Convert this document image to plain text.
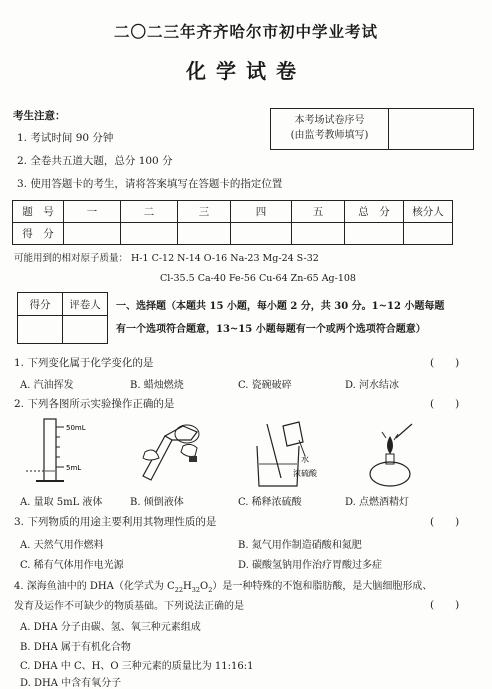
二〇二三年齐齐哈尔市初中学业考试
化学试卷
考生注意：
1. 考试时间 90 分钟
2. 全卷共五道大题，总分 100 分
3. 使用答题卡的考生，请将答案填写在答题卡的指定位置
本考场试卷序号
(由监考教师填写)
题　号	一	二	三	四	五	总　分	核分人
得　分							
可能用到的相对原子质量： H-1 C-12 N-14 O-16 Na-23 Mg-24 S-32
Cl-35.5 Ca-40 Fe-56 Cu-64 Zn-65 Ag-108
得分	评卷人
	一、选择题（本题共 15 小题，每小题 2 分，共 30 分。1~12 小题每题
有一个选项符合题意，13~15 小题每题有一个或两个选项符合题意）
1. 下列变化属于化学变化的是	(　　)
A. 汽油挥发	B. 蜡烛燃烧	C. 瓷碗破碎	D. 河水结冰
2. 下列各图所示实验操作正确的是	(　　)
50mL
5mL
水
浓硫酸
A. 量取 5mL 液体	B. 倾倒液体	C. 稀释浓硫酸	D. 点燃酒精灯
3. 下列物质的用途主要利用其物理性质的是	(　　)
A. 天然气用作燃料	B. 氮气用作制造硝酸和氮肥
C. 稀有气体用作电光源	D. 碳酸氢钠用作治疗胃酸过多症
4. 深海鱼油中的 DHA（化学式为 $C_{22}H_{32}O_2$）是一种特殊的不饱和脂肪酸，是大脑细胞形成、
发育及运作不可缺少的物质基础。下列说法正确的是	(　　)
A. DHA 分子由碳、氢、氧三种元素组成
B. DHA 属于有机化合物
C. DHA 中 C、H、O 三种元素的质量比为 11:16:1
D. DHA 中含有氧分子
